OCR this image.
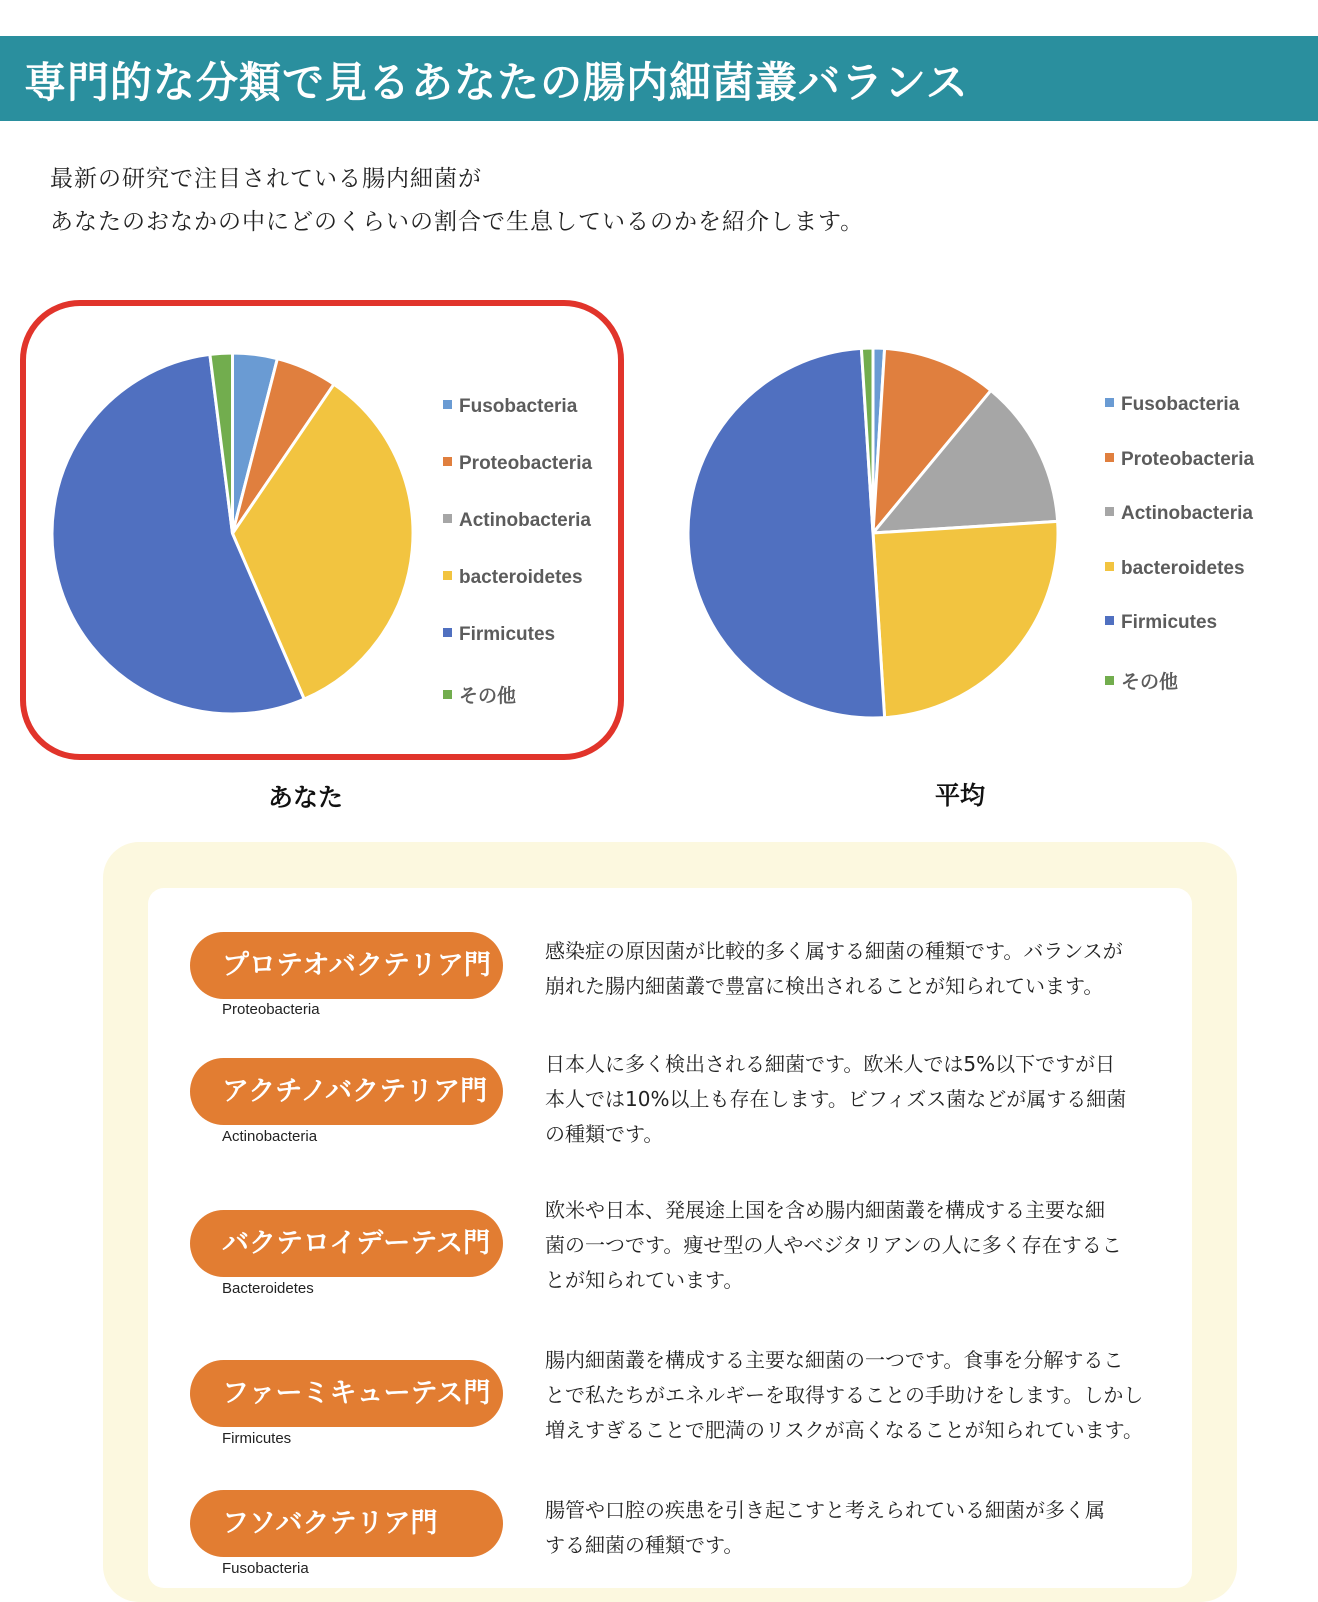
専門的な分類で見るあなたの腸内細菌叢バランス
最新の研究で注目されている腸内細菌が
あなたのおなかの中にどのくらいの割合で生息しているのかを紹介します。
Fusobacteria
Proteobacteria
Actinobacteria
bacteroidetes
Firmicutes
その他
あなた
Fusobacteria
Proteobacteria
Actinobacteria
bacteroidetes
Firmicutes
その他
平均
プロテオバクテリア門
Proteobacteria
感染症の原因菌が比較的多く属する細菌の種類です。バランスが
崩れた腸内細菌叢で豊富に検出されることが知られています。
アクチノバクテリア門
Actinobacteria
日本人に多く検出される細菌です。欧米人では5%以下ですが日
本人では10%以上も存在します。ビフィズス菌などが属する細菌
の種類です。
バクテロイデーテス門
Bacteroidetes
欧米や日本、発展途上国を含め腸内細菌叢を構成する主要な細
菌の一つです。痩せ型の人やベジタリアンの人に多く存在するこ
とが知られています。
ファーミキューテス門
Firmicutes
腸内細菌叢を構成する主要な細菌の一つです。食事を分解するこ
とで私たちがエネルギーを取得することの手助けをします。しかし
増えすぎることで肥満のリスクが高くなることが知られています。
フソバクテリア門
Fusobacteria
腸管や口腔の疾患を引き起こすと考えられている細菌が多く属
する細菌の種類です。
